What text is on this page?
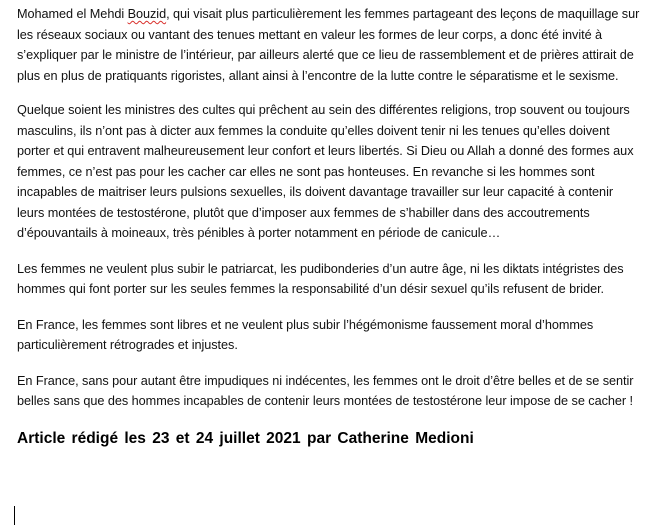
Mohamed el Mehdi Bouzid, qui visait plus particulièrement les femmes partageant des leçons de maquillage sur les réseaux sociaux ou vantant des tenues mettant en valeur les formes de leur corps, a donc été invité à s’expliquer par le ministre de l’intérieur, par ailleurs alerté que ce lieu de rassemblement et de prières attirait de plus en plus de pratiquants rigoristes, allant ainsi à l’encontre de la lutte contre le séparatisme et le sexisme.

Quelque soient les ministres des cultes qui prêchent au sein des différentes religions, trop souvent ou toujours masculins, ils n’ont pas à dicter aux femmes la conduite qu’elles doivent tenir ni les tenues qu’elles doivent porter et qui entravent malheureusement leur confort et leurs libertés. Si Dieu ou Allah a donné des formes aux femmes, ce n’est pas pour les cacher car elles ne sont pas honteuses. En revanche si les hommes sont incapables de maitriser leurs pulsions sexuelles, ils doivent davantage travailler sur leur capacité à contenir leurs montées de testostérone, plutôt que d’imposer aux femmes de s’habiller dans des accoutrements d’épouvantails à moineaux, très pénibles à porter notamment en période de canicule…

Les femmes ne veulent plus subir le patriarcat, les pudibonderies d’un autre âge, ni les diktats intégristes des hommes qui font porter sur les seules femmes la responsabilité d’un désir sexuel qu’ils refusent de brider.

En France, les femmes sont libres et ne veulent plus subir l’hégémonisme faussement moral d’hommes particulièrement rétrogrades et injustes.

En France, sans pour autant être impudiques ni indécentes, les femmes ont le droit d’être belles et de se sentir belles sans que des hommes incapables de contenir leurs montées de testostérone leur impose de se cacher !

Article rédigé les 23 et 24 juillet 2021 par Catherine Medioni
